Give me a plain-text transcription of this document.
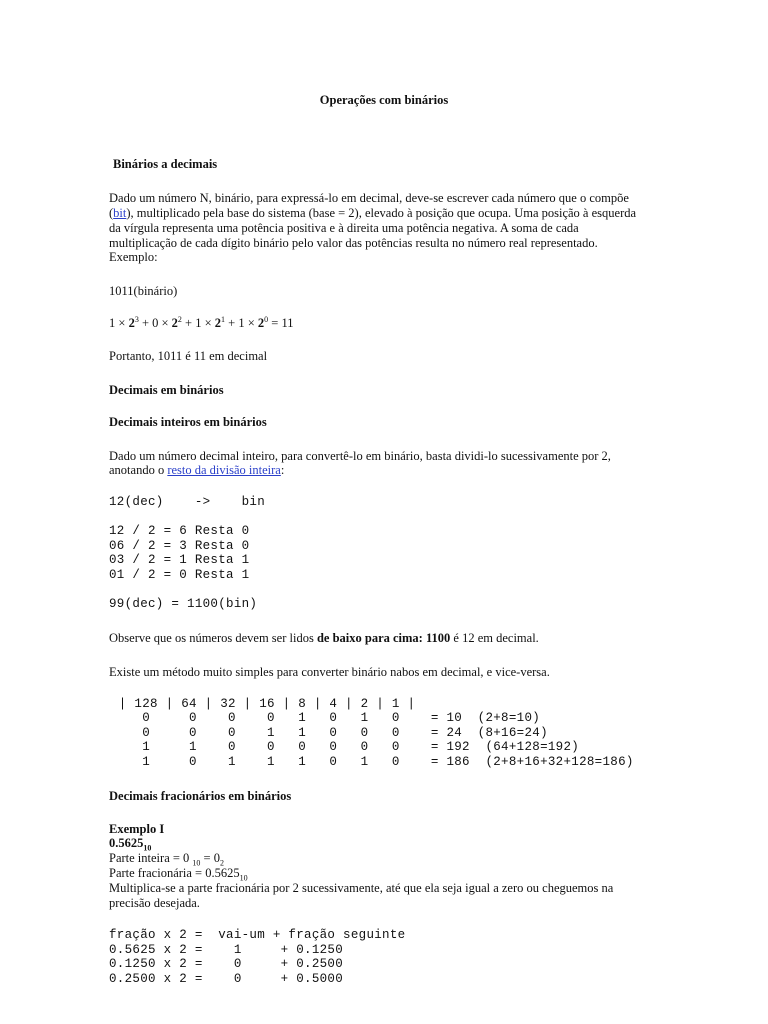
Operações com binários
Binários a decimais
Dado um número N, binário, para expressá-lo em decimal, deve-se escrever cada número que o compõe
(bit), multiplicado pela base do sistema (base = 2), elevado à posição que ocupa. Uma posição à esquerda
da vírgula representa uma potência positiva e à direita uma potência negativa. A soma de cada
multiplicação de cada dígito binário pelo valor das potências resulta no número real representado.
Exemplo:
1011(binário)
$1 \times 2^3 + 0 \times 2^2 + 1 \times 2^1 + 1 \times 2^0 = 11$
Portanto, 1011 é 11 em decimal
Decimais em binários
Decimais inteiros em binários
Dado um número decimal inteiro, para convertê-lo em binário, basta dividi-lo sucessivamente por 2,
anotando o resto da divisão inteira:
12(dec)    ->    bin
12 / 2 = 6 Resta 0
06 / 2 = 3 Resta 0
03 / 2 = 1 Resta 1
01 / 2 = 0 Resta 1
99(dec) = 1100(bin)
Observe que os números devem ser lidos de baixo para cima: 1100 é 12 em decimal.
Existe um método muito simples para converter binário nabos em decimal, e vice-versa.
| 128 | 64 | 32 | 16 | 8 | 4 | 2 | 1 |
0     0    0    0   1   0   1   0    = 10  (2+8=10)
0     0    0    1   1   0   0   0    = 24  (8+16=24)
1     1    0    0   0   0   0   0    = 192  (64+128=192)
1     0    1    1   1   0   1   0    = 186  (2+8+16+32+128=186)
Decimais fracionários em binários
Exemplo I
$0.5625_{10}$
Parte inteira = 0 $_{10} = 0_2$
Parte fracionária = $0.5625_{10}$
Multiplica-se a parte fracionária por 2 sucessivamente, até que ela seja igual a zero ou cheguemos na
precisão desejada.
fração x 2 =  vai-um + fração seguinte
0.5625 x 2 =    1     + 0.1250
0.1250 x 2 =    0     + 0.2500
0.2500 x 2 =    0     + 0.5000
